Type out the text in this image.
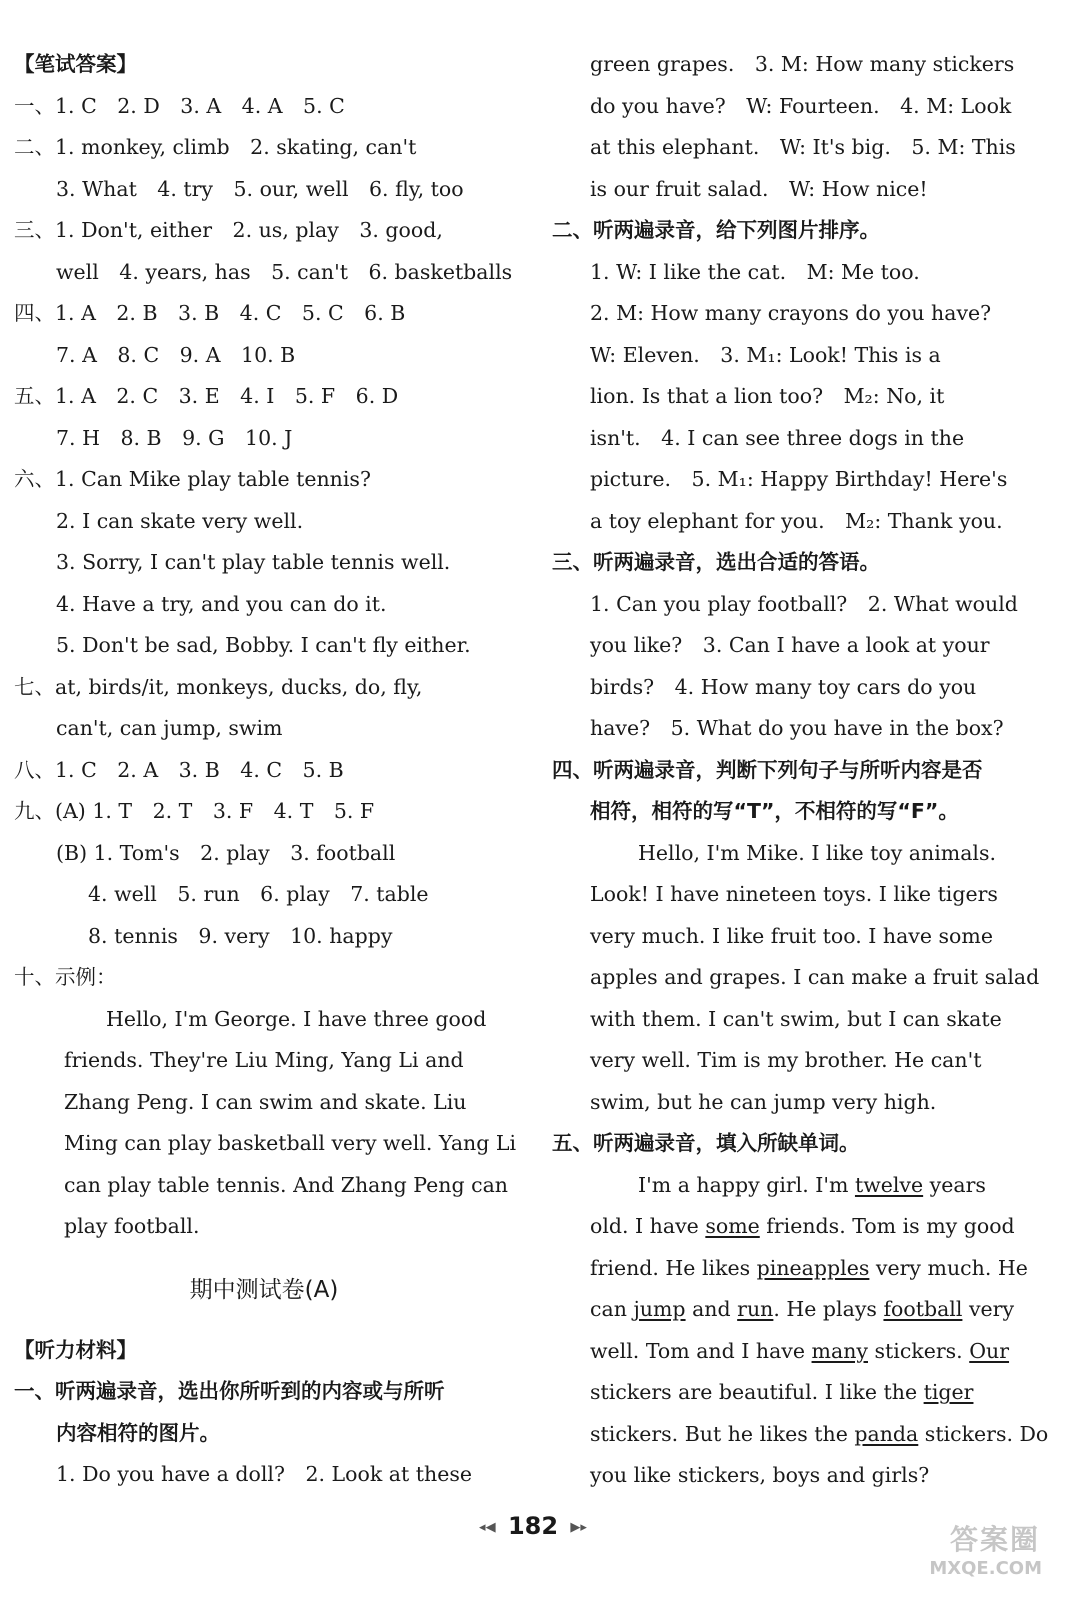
【笔试答案】
一、1. C　2. D　3. A　4. A　5. C
二、1. monkey, climb　2. skating, can't
3. What　4. try　5. our, well　6. fly, too
三、1. Don't, either　2. us, play　3. good,
well　4. years, has　5. can't　6. basketballs
四、1. A　2. B　3. B　4. C　5. C　6. B
7. A　8. C　9. A　10. B
五、1. A　2. C　3. E　4. I　5. F　6. D
7. H　8. B　9. G　10. J
六、1. Can Mike play table tennis?
2. I can skate very well.
3. Sorry, I can't play table tennis well.
4. Have a try, and you can do it.
5. Don't be sad, Bobby. I can't fly either.
七、at, birds/it, monkeys, ducks, do, fly,
can't, can jump, swim
八、1. C　2. A　3. B　4. C　5. B
九、(A) 1. T　2. T　3. F　4. T　5. F
(B) 1. Tom's　2. play　3. football
4. well　5. run　6. play　7. table
8. tennis　9. very　10. happy
十、示例：
Hello, I'm George. I have three good
friends. They're Liu Ming, Yang Li and
Zhang Peng. I can swim and skate. Liu
Ming can play basketball very well. Yang Li
can play table tennis. And Zhang Peng can
play football.
期中测试卷(A)
【听力材料】
一、听两遍录音，选出你所听到的内容或与所听
内容相符的图片。
1. Do you have a doll?　2. Look at these
green grapes.　3. M: How many stickers
do you have?　W: Fourteen.　4. M: Look
at this elephant.　W: It's big.　5. M: This
is our fruit salad.　W: How nice!
二、听两遍录音，给下列图片排序。
1. W: I like the cat.　M: Me too.
2. M: How many crayons do you have?
W: Eleven.　3. M₁: Look! This is a
lion. Is that a lion too?　M₂: No, it
isn't.　4. I can see three dogs in the
picture.　5. M₁: Happy Birthday! Here's
a toy elephant for you.　M₂: Thank you.
三、听两遍录音，选出合适的答语。
1. Can you play football?　2. What would
you like?　3. Can I have a look at your
birds?　4. How many toy cars do you
have?　5. What do you have in the box?
四、听两遍录音，判断下列句子与所听内容是否
相符，相符的写“T”，不相符的写“F”。
Hello, I'm Mike. I like toy animals.
Look! I have nineteen toys. I like tigers
very much. I like fruit too. I have some
apples and grapes. I can make a fruit salad
with them. I can't swim, but I can skate
very well. Tim is my brother. He can't
swim, but he can jump very high.
五、听两遍录音，填入所缺单词。
I'm a happy girl. I'm twelve years
old. I have some friends. Tom is my good
friend. He likes pineapples very much. He
can jump and run. He plays football very
well. Tom and I have many stickers. Our
stickers are beautiful. I like the tiger
stickers. But he likes the panda stickers. Do
you like stickers, boys and girls?
◂◀ 182 ▶▸	答案圈
MXQE.COM
